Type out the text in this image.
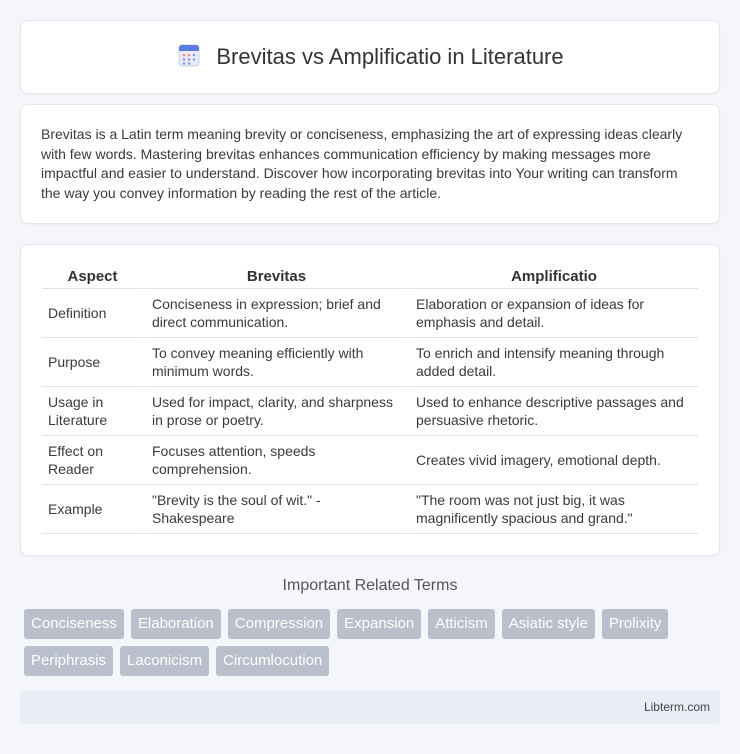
Brevitas vs Amplificatio in Literature

Brevitas is a Latin term meaning brevity or conciseness, emphasizing the art of expressing ideas clearly with few words. Mastering brevitas enhances communication efficiency by making messages more impactful and easier to understand. Discover how incorporating brevitas into Your writing can transform the way you convey information by reading the rest of the article.

Aspect	Brevitas	Amplificatio
Definition	Conciseness in expression; brief and direct communication.	Elaboration or expansion of ideas for emphasis and detail.
Purpose	To convey meaning efficiently with minimum words.	To enrich and intensify meaning through added detail.
Usage in Literature	Used for impact, clarity, and sharpness in prose or poetry.	Used to enhance descriptive passages and persuasive rhetoric.
Effect on Reader	Focuses attention, speeds comprehension.	Creates vivid imagery, emotional depth.
Example	"Brevity is the soul of wit." - Shakespeare	"The room was not just big, it was magnificently spacious and grand."
Important Related Terms
Conciseness	Elaboration	Compression	Expansion	Atticism	Asiatic style	Prolixity
Periphrasis	Laconicism	Circumlocution
Libterm.com
